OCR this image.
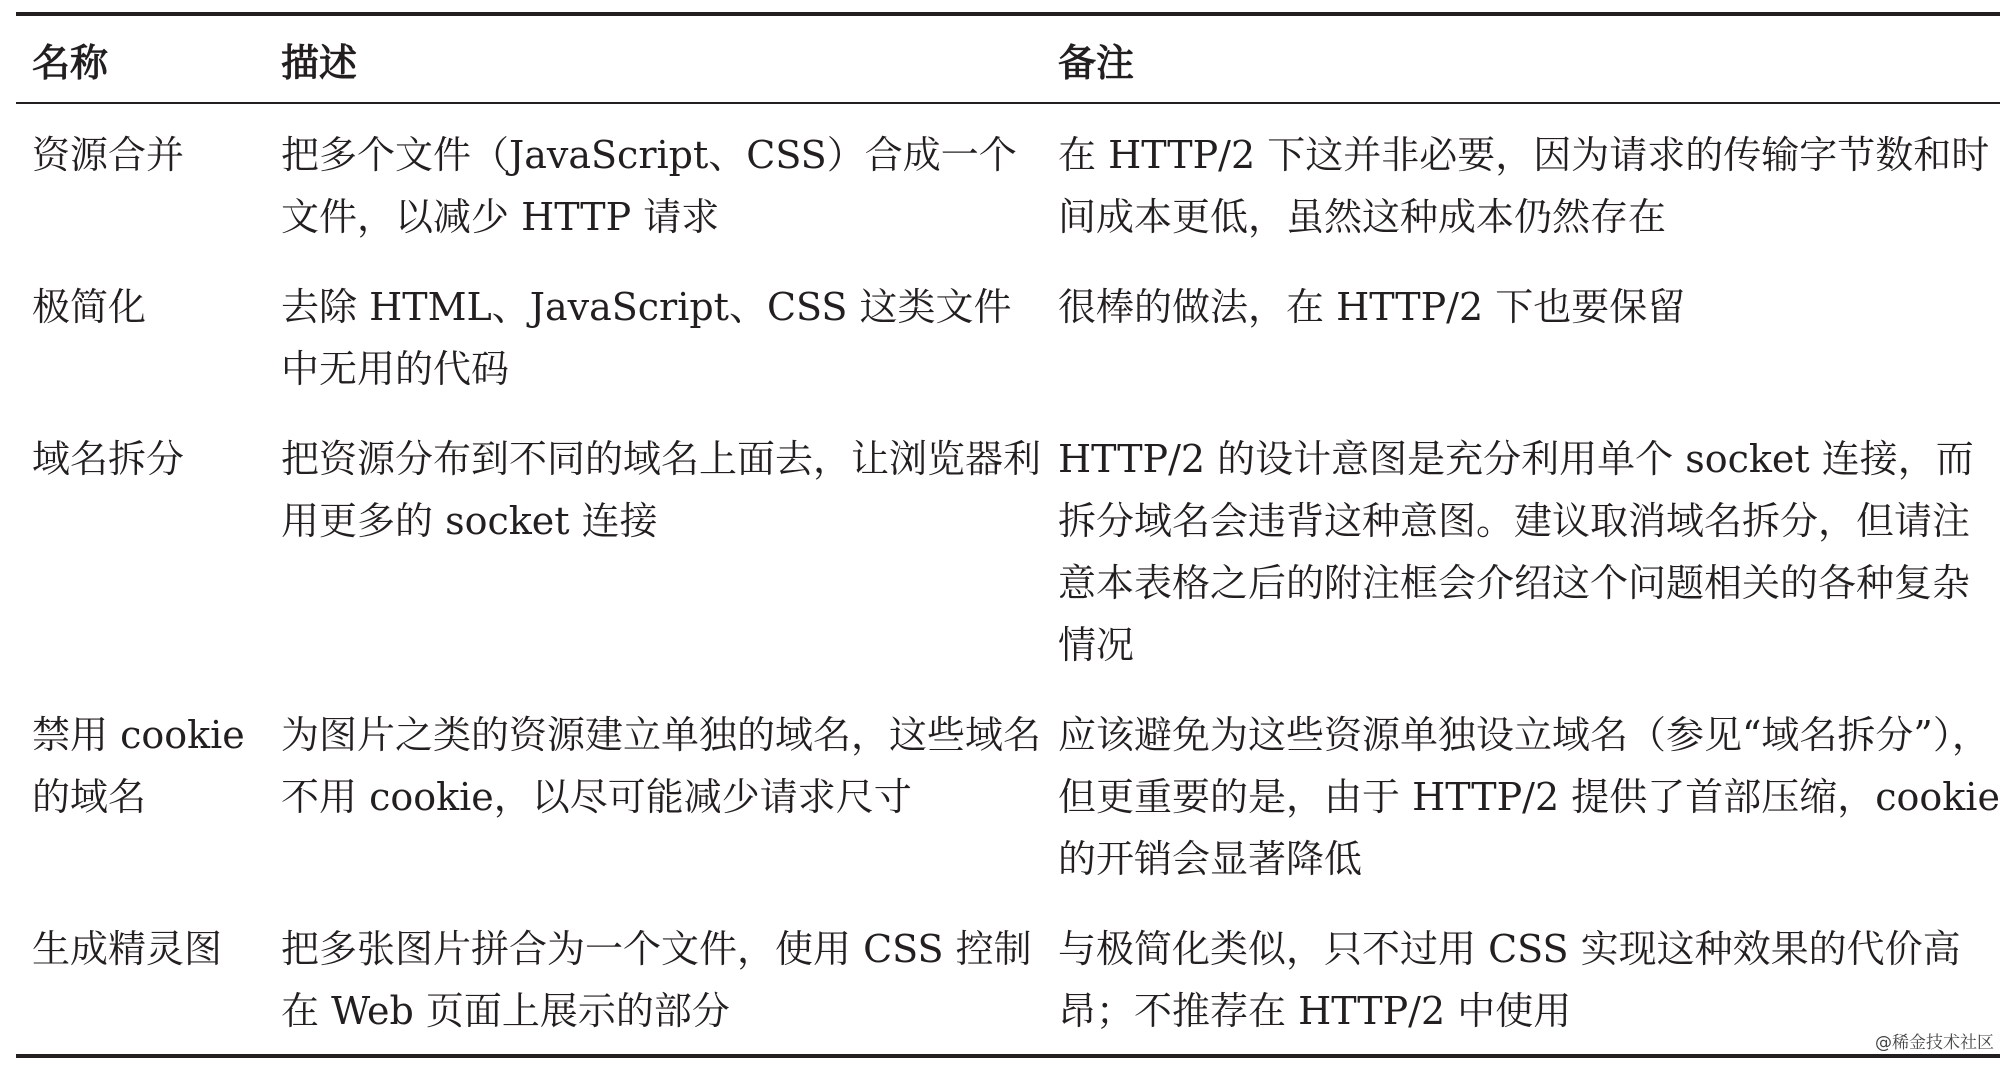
名称	描述	备注
资源合并	把多个文件（JavaScript、CSS）合成一个文件，以减少 HTTP 请求	在 HTTP/2 下这并非必要，因为请求的传输字节数和时间成本更低，虽然这种成本仍然存在
极简化	去除 HTML、JavaScript、CSS 这类文件中无用的代码	很棒的做法，在 HTTP/2 下也要保留
域名拆分	把资源分布到不同的域名上面去，让浏览器利用更多的 socket 连接	HTTP/2 的设计意图是充分利用单个 socket 连接，而拆分域名会违背这种意图。建议取消域名拆分，但请注意本表格之后的附注框会介绍这个问题相关的各种复杂情况
禁用 cookie 的域名	为图片之类的资源建立单独的域名，这些域名不用 cookie，以尽可能减少请求尺寸	应该避免为这些资源单独设立域名（参见“域名拆分”），但更重要的是，由于 HTTP/2 提供了首部压缩，cookie 的开销会显著降低
生成精灵图	把多张图片拼合为一个文件，使用 CSS 控制在 Web 页面上展示的部分	与极简化类似，只不过用 CSS 实现这种效果的代价高昂；不推荐在 HTTP/2 中使用
@稀金技术社区
